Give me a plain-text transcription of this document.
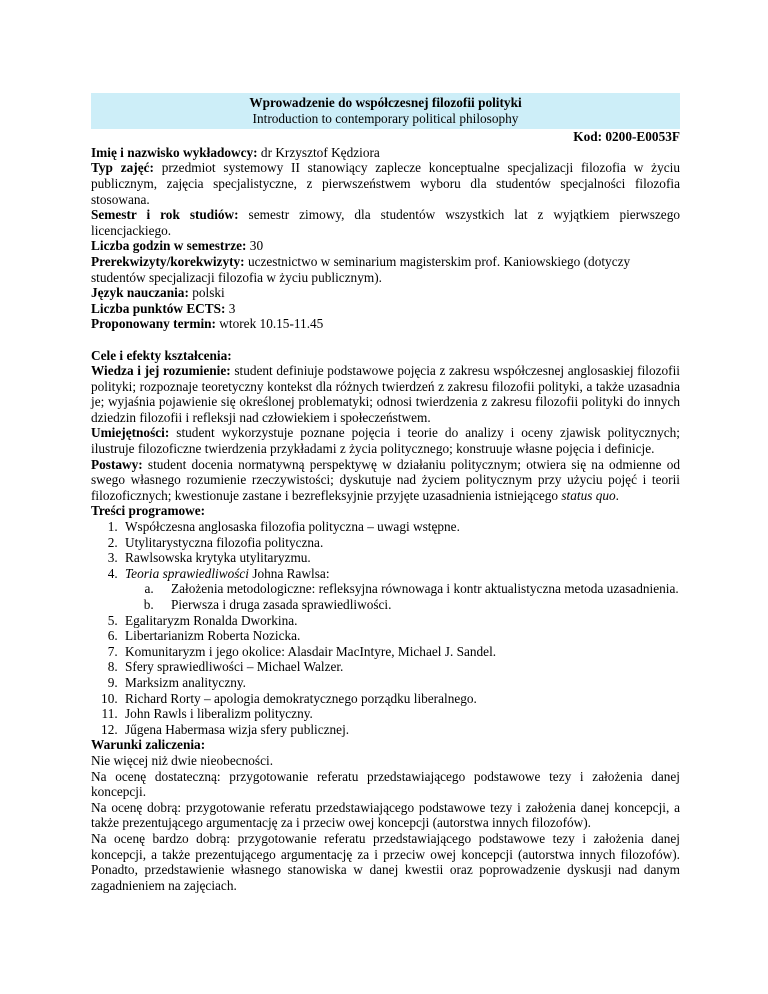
Wprowadzenie do współczesnej filozofii polityki
Introduction to contemporary political philosophy
Kod: 0200-E0053F

Imię i nazwisko wykładowcy: dr Krzysztof Kędziora

Typ zajęć: przedmiot systemowy II stanowiący zaplecze konceptualne specjalizacji filozofia w życiu publicznym, zajęcia specjalistyczne, z pierwszeństwem wyboru dla studentów specjalności filozofia stosowana.

Semestr i rok studiów: semestr zimowy, dla studentów wszystkich lat z wyjątkiem pierwszego licencjackiego.

Liczba godzin w semestrze: 30

Prerekwizyty/korekwizyty: uczestnictwo w seminarium magisterskim prof. Kaniowskiego (dotyczy studentów specjalizacji filozofia w życiu publicznym).

Język nauczania: polski

Liczba punktów ECTS: 3

Proponowany termin: wtorek 10.15-11.45

Cele i efekty kształcenia:

Wiedza i jej rozumienie: student definiuje podstawowe pojęcia z zakresu współczesnej anglosaskiej filozofii polityki; rozpoznaje teoretyczny kontekst dla różnych twierdzeń z zakresu filozofii polityki, a także uzasadnia je; wyjaśnia pojawienie się określonej problematyki; odnosi twierdzenia z zakresu filozofii polityki do innych dziedzin filozofii i refleksji nad człowiekiem i społeczeństwem.

Umiejętności: student wykorzystuje poznane pojęcia i teorie do analizy i oceny zjawisk politycznych; ilustruje filozoficzne twierdzenia przykładami z życia politycznego; konstruuje własne pojęcia i definicje.

Postawy: student docenia normatywną perspektywę w działaniu politycznym; otwiera się na odmienne od swego własnego rozumienie rzeczywistości; dyskutuje nad życiem politycznym przy użyciu pojęć i teorii filozoficznych; kwestionuje zastane i bezrefleksyjnie przyjęte uzasadnienia istniejącego status quo.

Treści programowe:

1. Współczesna anglosaska filozofia polityczna – uwagi wstępne.
2. Utylitarystyczna filozofia polityczna.
3. Rawlsowska krytyka utylitaryzmu.
4. Teoria sprawiedliwości Johna Rawlsa:
a. Założenia metodologiczne: refleksyjna równowaga i kontr aktualistyczna metoda uzasadnienia.
b. Pierwsza i druga zasada sprawiedliwości.
5. Egalitaryzm Ronalda Dworkina.
6. Libertarianizm Roberta Nozicka.
7. Komunitaryzm i jego okolice: Alasdair MacIntyre, Michael J. Sandel.
8. Sfery sprawiedliwości – Michael Walzer.
9. Marksizm analityczny.
10. Richard Rorty – apologia demokratycznego porządku liberalnego.
11. John Rawls i liberalizm polityczny.
12. Jűgena Habermasa wizja sfery publicznej.

Warunki zaliczenia:

Nie więcej niż dwie nieobecności.

Na ocenę dostateczną: przygotowanie referatu przedstawiającego podstawowe tezy i założenia danej koncepcji.

Na ocenę dobrą: przygotowanie referatu przedstawiającego podstawowe tezy i założenia danej koncepcji, a także prezentującego argumentację za i przeciw owej koncepcji (autorstwa innych filozofów).

Na ocenę bardzo dobrą: przygotowanie referatu przedstawiającego podstawowe tezy i założenia danej koncepcji, a także prezentującego argumentację za i przeciw owej koncepcji (autorstwa innych filozofów). Ponadto, przedstawienie własnego stanowiska w danej kwestii oraz poprowadzenie dyskusji nad danym zagadnieniem na zajęciach.
